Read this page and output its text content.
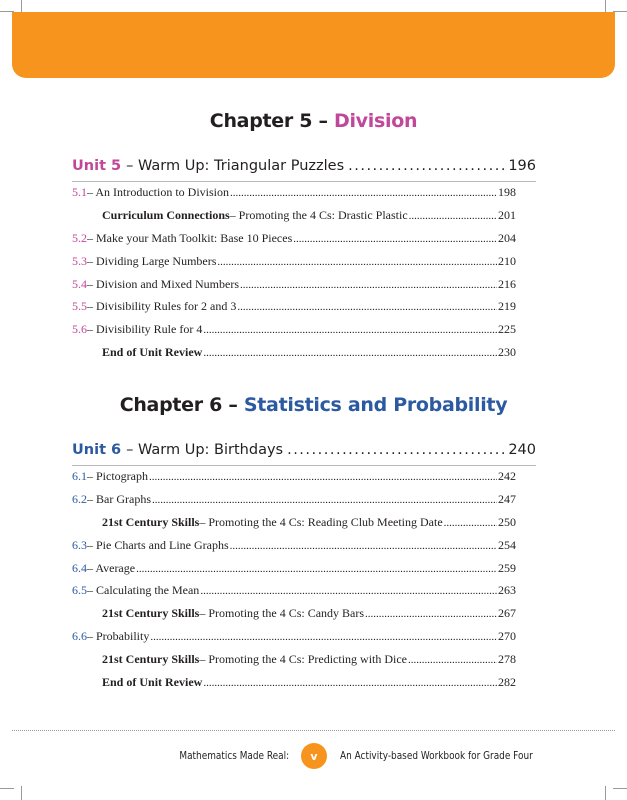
Chapter 5 – Division
Unit 5 – Warm Up: Triangular Puzzles .....	196
5.1 – An Introduction to Division .....	198
Curriculum Connections – Promoting the 4 Cs: Drastic Plastic .....	201
5.2 – Make your Math Toolkit: Base 10 Pieces .....	204
5.3 – Dividing Large Numbers .....	210
5.4 – Division and Mixed Numbers .....	216
5.5 – Divisibility Rules for 2 and 3 .....	219
5.6 – Divisibility Rule for 4 .....	225
End of Unit Review .....	230
Chapter 6 – Statistics and Probability
Unit 6 – Warm Up: Birthdays .....	240
6.1 – Pictograph .....	242
6.2 – Bar Graphs .....	247
21st Century Skills – Promoting the 4 Cs: Reading Club Meeting Date .....	250
6.3 – Pie Charts and Line Graphs .....	254
6.4 – Average .....	259
6.5 – Calculating the Mean .....	263
21st Century Skills – Promoting the 4 Cs: Candy Bars .....	267
6.6 – Probability .....	270
21st Century Skills – Promoting the 4 Cs: Predicting with Dice .....	278
End of Unit Review .....	282
Mathematics Made Real:	v	An Activity-based Workbook for Grade Four
